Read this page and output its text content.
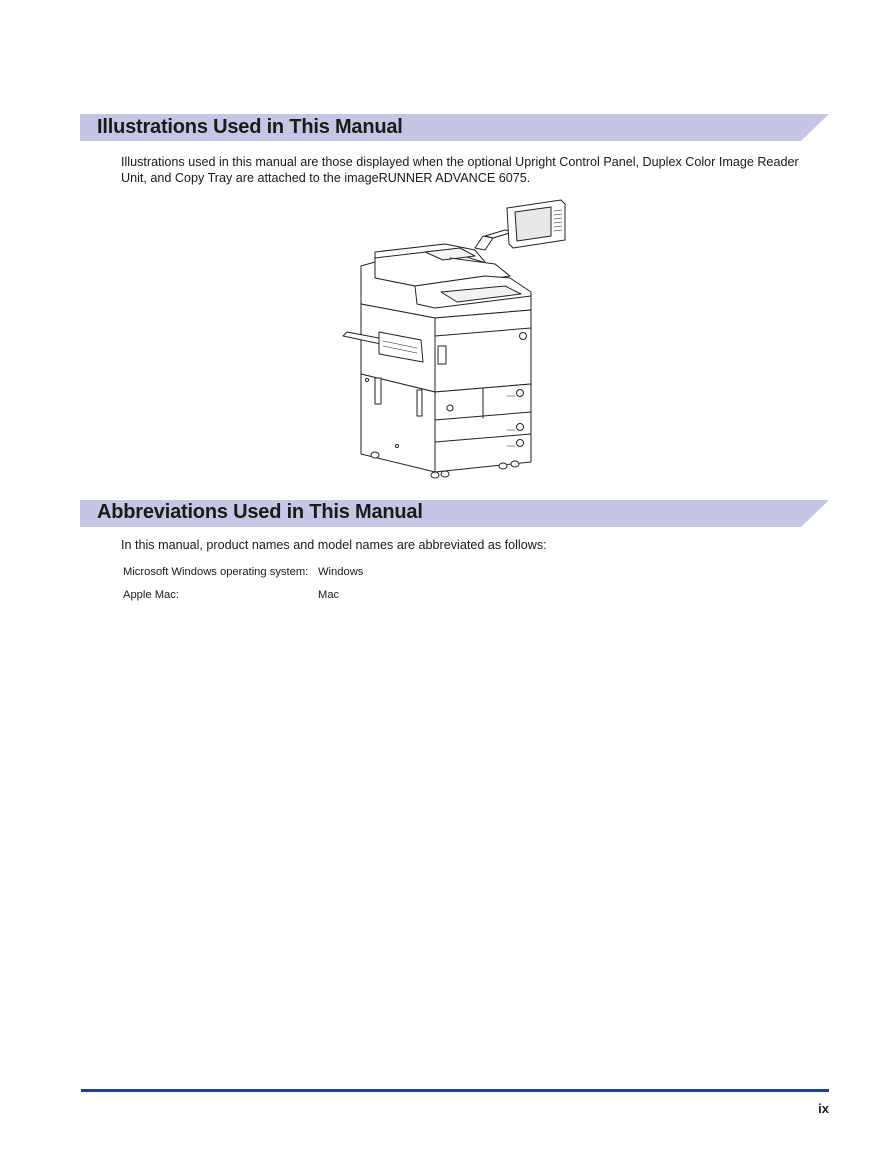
Illustrations Used in This Manual
Illustrations used in this manual are those displayed when the optional Upright Control Panel, Duplex Color Image Reader Unit, and Copy Tray are attached to the imageRUNNER ADVANCE 6075.
Abbreviations Used in This Manual
In this manual, product names and model names are abbreviated as follows:
Microsoft Windows operating system: Windows
Apple Mac:	Mac
ix
